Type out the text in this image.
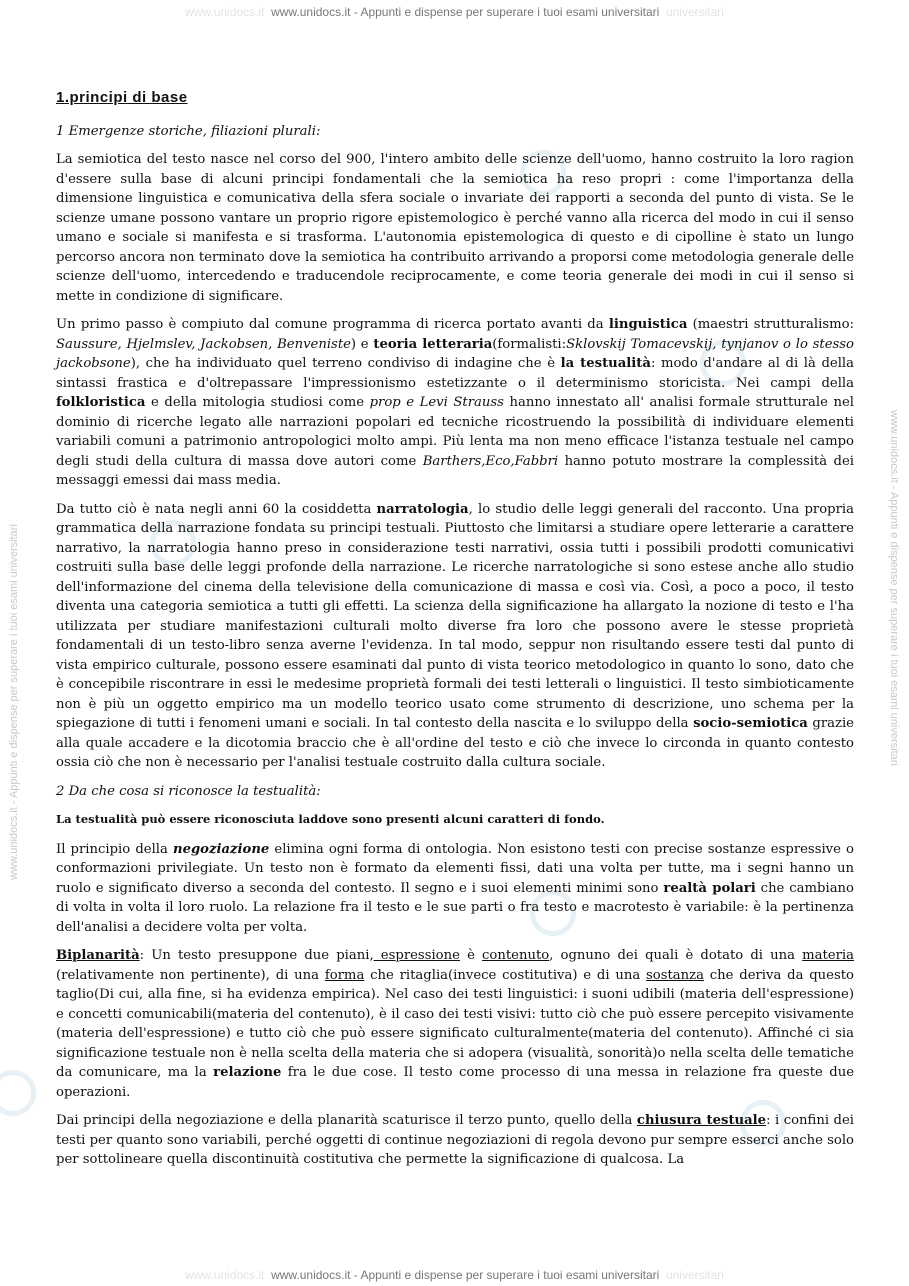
www.unidocs.it  www.unidocs.it - Appunti e dispense per superare i tuoi esami universitari  universitari
www.unidocs.it - Appunti e dispense per superare i tuoi esami universitari	www.unidocs.it - Appunti e dispense per superare i tuoi esami universitari
1.principi di base
1 Emergenze storiche, filiazioni plurali:

La semiotica del testo nasce nel corso del 900, l'intero ambito delle scienze dell'uomo, hanno costruito la loro ragion d'essere sulla base di alcuni principi fondamentali che la semiotica ha reso propri : come l'importanza della dimensione linguistica e comunicativa della sfera sociale o invariate dei rapporti a seconda del punto di vista. Se le scienze umane possono vantare un proprio rigore epistemologico è perché vanno alla ricerca del modo in cui il senso umano e sociale si manifesta e si trasforma. L'autonomia epistemologica di questo e di cipolline è stato un lungo percorso ancora non terminato dove la semiotica ha contribuito arrivando a proporsi come metodologia generale delle scienze dell'uomo, intercedendo e traducendole reciprocamente, e come teoria generale dei modi in cui il senso si mette in condizione di significare.

Un primo passo è compiuto dal comune programma di ricerca portato avanti da linguistica (maestri strutturalismo: Saussure, Hjelmslev, Jackobsen, Benveniste) e teoria letteraria(formalisti:Sklovskij Tomacevskij, tynjanov o lo stesso jackobsone), che ha individuato quel terreno condiviso di indagine che è la testualità: modo d'andare al di là della sintassi frastica e d'oltrepassare l'impressionismo estetizzante o il determinismo storicista. Nei campi della folkloristica e della mitologia studiosi come prop e Levi Strauss hanno innestato all' analisi formale strutturale nel dominio di ricerche legato alle narrazioni popolari ed tecniche ricostruendo la possibilità di individuare elementi variabili comuni a patrimonio antropologici molto ampi. Più lenta ma non meno efficace l'istanza testuale nel campo degli studi della cultura di massa dove autori come Barthers,Eco,Fabbri hanno potuto mostrare la complessità dei messaggi emessi dai mass media.

Da tutto ciò è nata negli anni 60 la cosiddetta narratologia, lo studio delle leggi generali del racconto. Una propria grammatica della narrazione fondata su principi testuali. Piuttosto che limitarsi a studiare opere letterarie a carattere narrativo, la narratologia hanno preso in considerazione testi narrativi, ossia tutti i possibili prodotti comunicativi costruiti sulla base delle leggi profonde della narrazione. Le ricerche narratologiche si sono estese anche allo studio dell'informazione del cinema della televisione della comunicazione di massa e così via. Così, a poco a poco, il testo diventa una categoria semiotica a tutti gli effetti. La scienza della significazione ha allargato la nozione di testo e l'ha utilizzata per studiare manifestazioni culturali molto diverse fra loro che possono avere le stesse proprietà fondamentali di un testo-libro senza averne l'evidenza. In tal modo, seppur non risultando essere testi dal punto di vista empirico culturale, possono essere esaminati dal punto di vista teorico metodologico in quanto lo sono, dato che è concepibile riscontrare in essi le medesime proprietà formali dei testi letterali o linguistici. Il testo simbioticamente non è più un oggetto empirico ma un modello teorico usato come strumento di descrizione, uno schema per la spiegazione di tutti i fenomeni umani e sociali. In tal contesto della nascita e lo sviluppo della socio-semiotica grazie alla quale accadere e la dicotomia braccio che è all'ordine del testo e ciò che invece lo circonda in quanto contesto ossia ciò che non è necessario per l'analisi testuale costruito dalla cultura sociale.

2 Da che cosa si riconosce la testualità:
La testualità può essere riconosciuta laddove sono presenti alcuni caratteri di fondo.

Il principio della negoziazione elimina ogni forma di ontologia. Non esistono testi con precise sostanze espressive o conformazioni privilegiate. Un testo non è formato da elementi fissi, dati una volta per tutte, ma i segni hanno un ruolo e significato diverso a seconda del contesto. Il segno e i suoi elementi minimi sono realtà polari che cambiano di volta in volta il loro ruolo. La relazione fra il testo e le sue parti o fra testo e macrotesto è variabile: è la pertinenza dell'analisi a decidere volta per volta.

Biplanarità: Un testo presuppone due piani, espressione è contenuto, ognuno dei quali è dotato di una materia (relativamente non pertinente), di una forma che ritaglia(invece costitutiva) e di una sostanza che deriva da questo taglio(Di cui, alla fine, si ha evidenza empirica). Nel caso dei testi linguistici: i suoni udibili (materia dell'espressione) e concetti comunicabili(materia del contenuto), è il caso dei testi visivi: tutto ciò che può essere percepito visivamente (materia dell'espressione) e tutto ciò che può essere significato culturalmente(materia del contenuto). Affinché ci sia significazione testuale non è nella scelta della materia che si adopera (visualità, sonorità)o nella scelta delle tematiche da comunicare, ma la relazione fra le due cose. Il testo come processo di una messa in relazione fra queste due operazioni.

Dai principi della negoziazione e della planarità scaturisce il terzo punto, quello della chiusura testuale: i confini dei testi per quanto sono variabili, perché oggetti di continue negoziazioni di regola devono pur sempre esserci anche solo per sottolineare quella discontinuità costitutiva che permette la significazione di qualcosa. La

www.unidocs.it  www.unidocs.it - Appunti e dispense per superare i tuoi esami universitari  universitari
